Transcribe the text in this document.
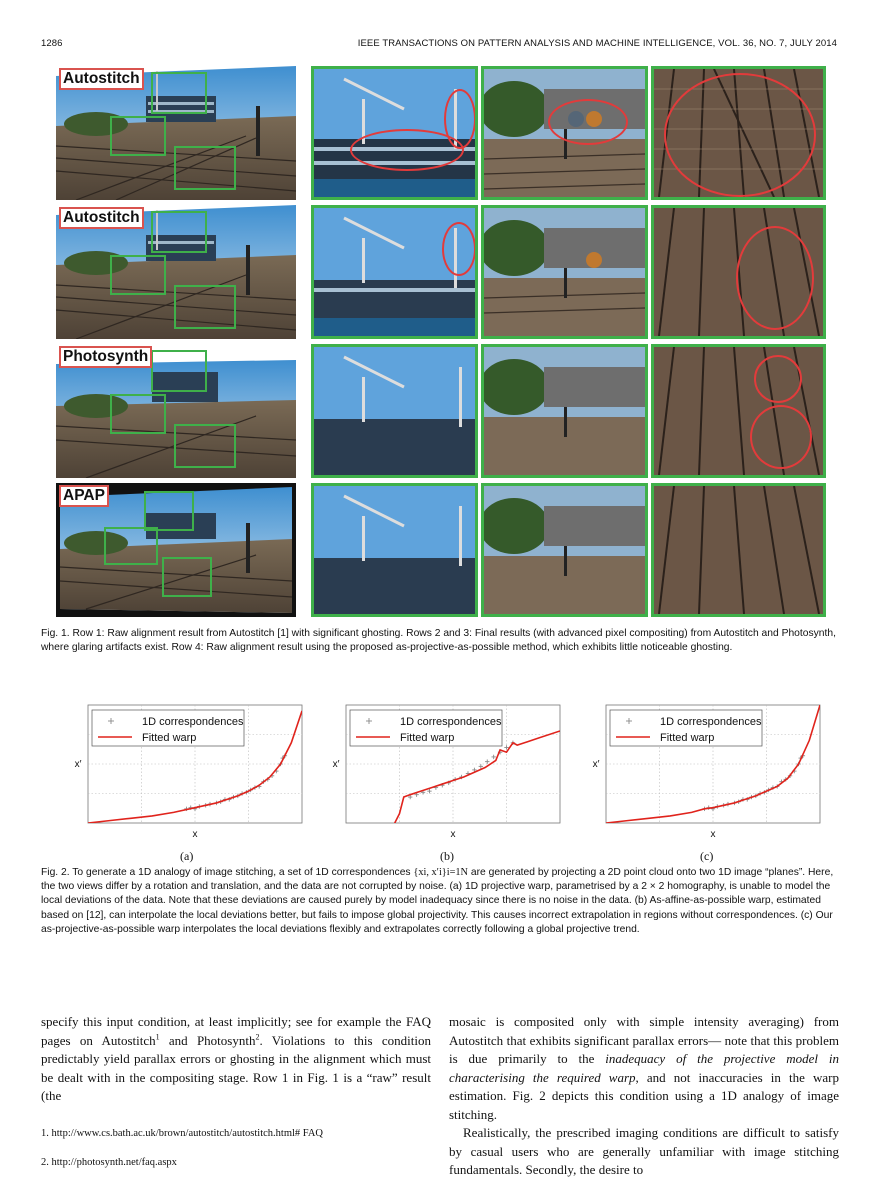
1286	IEEE TRANSACTIONS ON PATTERN ANALYSIS AND MACHINE INTELLIGENCE, VOL. 36, NO. 7, JULY 2014
Autostitch
Autostitch
Photosynth
APAP
Fig. 1. Row 1: Raw alignment result from Autostitch [1] with significant ghosting. Rows 2 and 3: Final results (with advanced pixel compositing) from Autostitch and Photosynth, where glaring artifacts exist. Row 4: Raw alignment result using the proposed as-projective-as-possible method, which exhibits little noticeable ghosting.
1D correspondences
Fitted warp
x
x′
1D correspondences
Fitted warp
x
x′
1D correspondences
Fitted warp
x
x′
(a)	(b)	(c)
Fig. 2. To generate a 1D analogy of image stitching, a set of 1D correspondences {xi, x′i}i=1N are generated by projecting a 2D point cloud onto two 1D image “planes”. Here, the two views differ by a rotation and translation, and the data are not corrupted by noise. (a) 1D projective warp, parametrised by a 2 × 2 homography, is unable to model the local deviations of the data. Note that these deviations are caused purely by model inadequacy since there is no noise in the data. (b) As-affine-as-possible warp, estimated based on [12], can interpolate the local deviations better, but fails to impose global projectivity. This causes incorrect extrapolation in regions without correspondences. (c) Our as-projective-as-possible warp interpolates the local deviations flexibly and extrapolates correctly following a global projective trend.

specify this input condition, at least implicitly; see for example the FAQ pages on Autostitch$^1$ and Photosynth$^2$. Violations to this condition predictably yield parallax errors or ghosting in the alignment which must be dealt with in the compositing stage. Row 1 in Fig. 1 is a “raw” result (the

1. http://www.cs.bath.ac.uk/brown/autostitch/autostitch.html# FAQ
2. http://photosynth.net/faq.aspx

mosaic is composited only with simple intensity averaging) from Autostitch that exhibits significant parallax errors— note that this problem is due primarily to the inadequacy of the projective model in characterising the required warp, and not inaccuracies in the warp estimation. Fig. 2 depicts this condition using a 1D analogy of image stitching.

Realistically, the prescribed imaging conditions are difficult to satisfy by casual users who are generally unfamiliar with image stitching fundamentals. Secondly, the desire to
